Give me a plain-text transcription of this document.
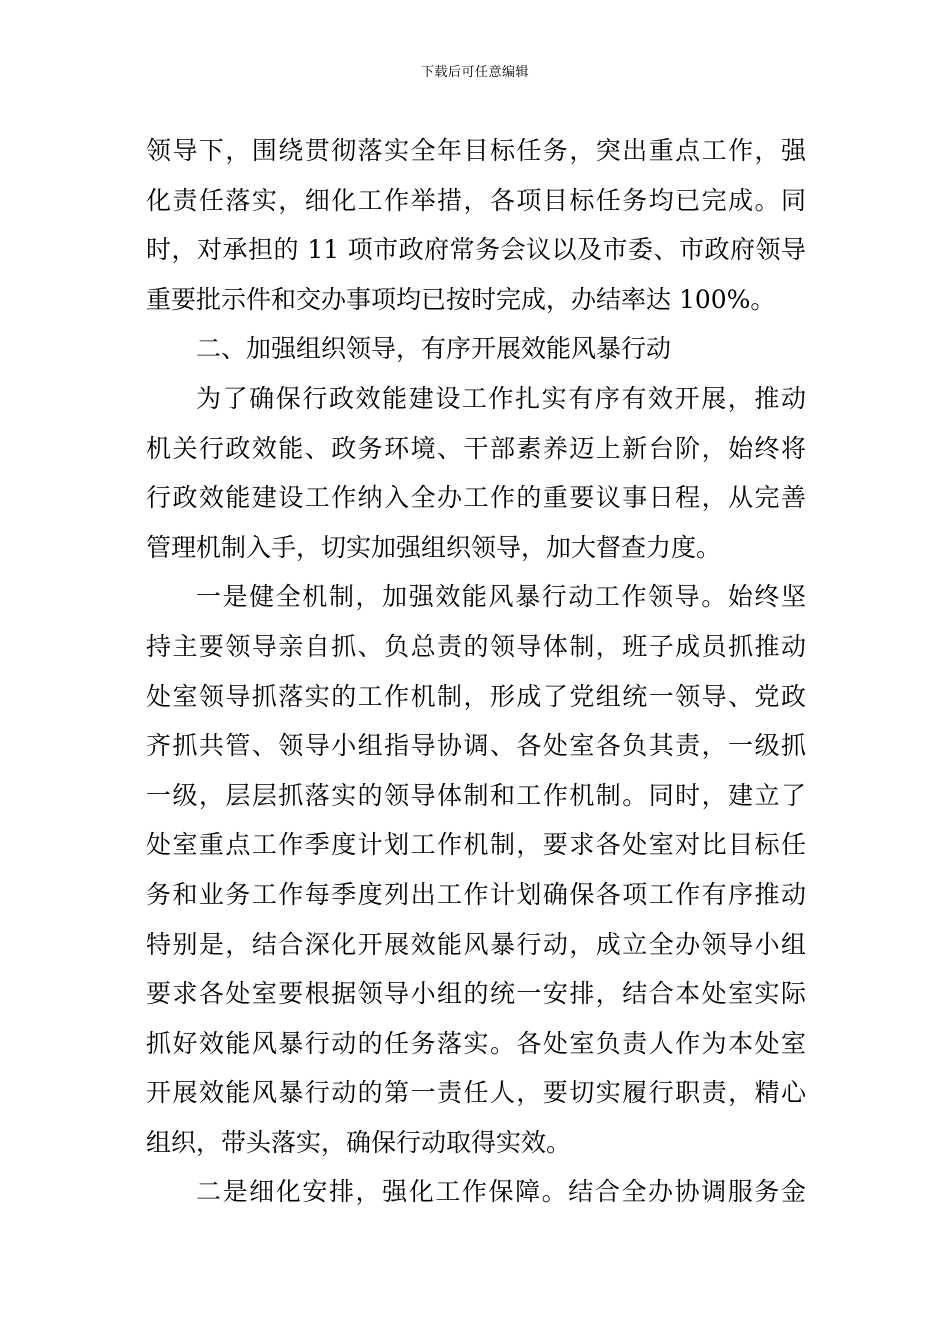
下载后可任意编辑
领导下，围绕贯彻落实全年目标任务，突出重点工作，强
化责任落实，细化工作举措，各项目标任务均已完成。同
时，对承担的 11 项市政府常务会议以及市委、市政府领导
重要批示件和交办事项均已按时完成，办结率达 100%。
二、加强组织领导，有序开展效能风暴行动
为了确保行政效能建设工作扎实有序有效开展，推动
机关行政效能、政务环境、干部素养迈上新台阶，始终将
行政效能建设工作纳入全办工作的重要议事日程，从完善
管理机制入手，切实加强组织领导，加大督查力度。
一是健全机制，加强效能风暴行动工作领导。始终坚
持主要领导亲自抓、负总责的领导体制，班子成员抓推动
处室领导抓落实的工作机制，形成了党组统一领导、党政
齐抓共管、领导小组指导协调、各处室各负其责，一级抓
一级，层层抓落实的领导体制和工作机制。同时，建立了
处室重点工作季度计划工作机制，要求各处室对比目标任
务和业务工作每季度列出工作计划确保各项工作有序推动
特别是，结合深化开展效能风暴行动，成立全办领导小组
要求各处室要根据领导小组的统一安排，结合本处室实际
抓好效能风暴行动的任务落实。各处室负责人作为本处室
开展效能风暴行动的第一责任人，要切实履行职责，精心
组织，带头落实，确保行动取得实效。
二是细化安排，强化工作保障。结合全办协调服务金
